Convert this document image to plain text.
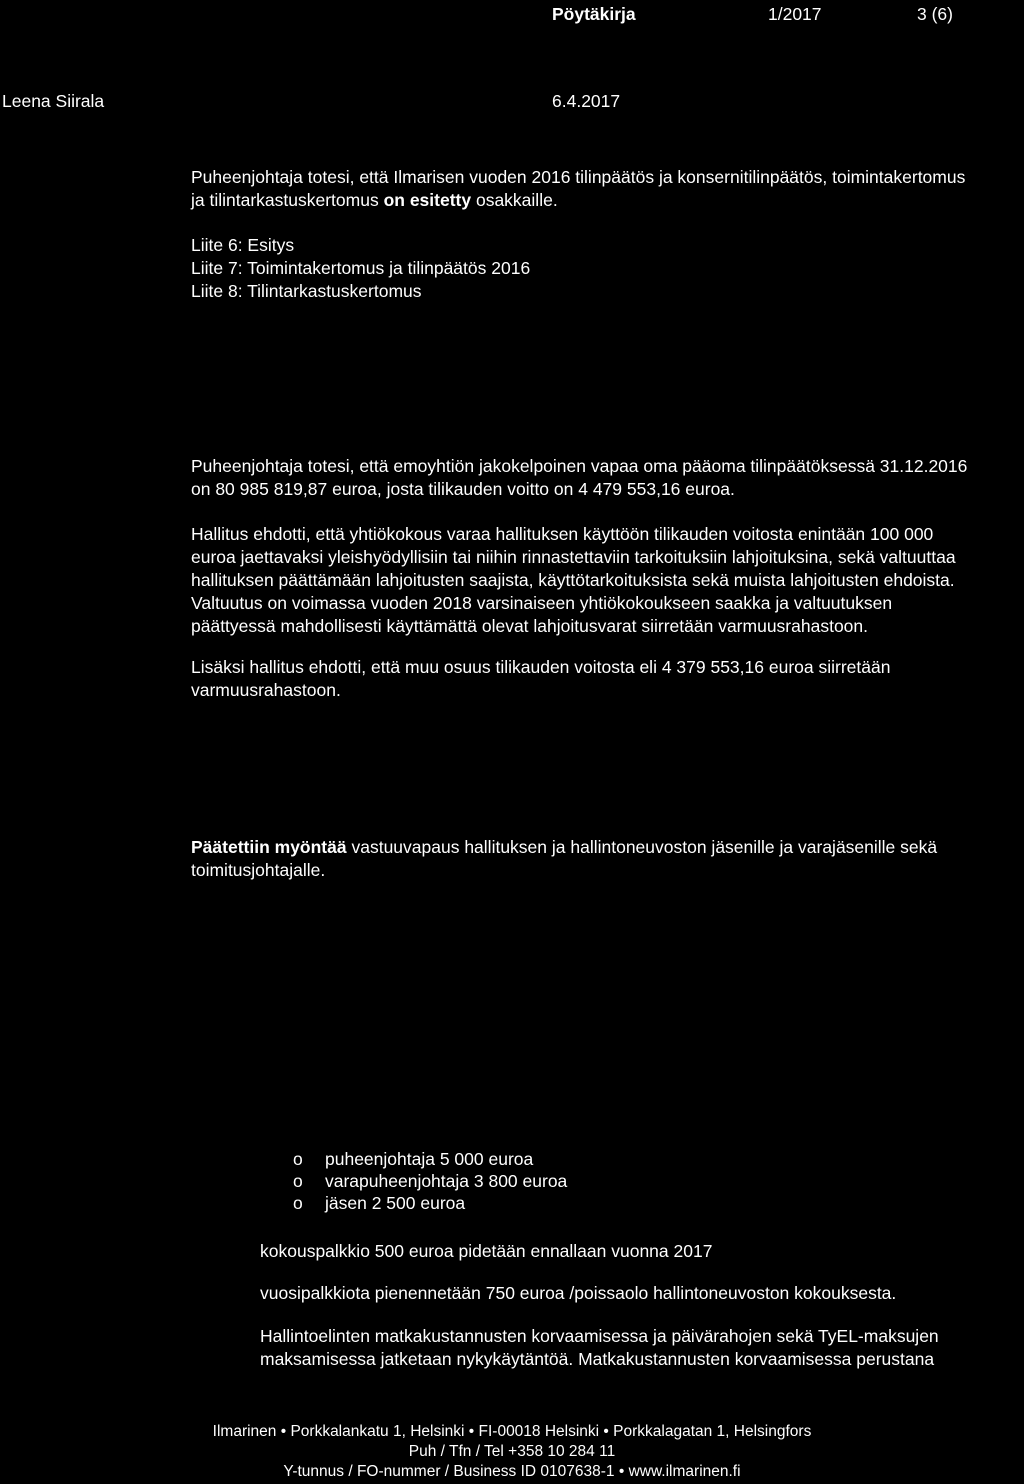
Pöytäkirja	1/2017	3 (6)
Leena Siirala	6.4.2017
Puheenjohtaja totesi, että Ilmarisen vuoden 2016 tilinpäätös ja konsernitilinpäätös, toimintakertomus
ja tilintarkastuskertomus on esitetty osakkaille.
Liite 6: Esitys
Liite 7: Toimintakertomus ja tilinpäätös 2016
Liite 8: Tilintarkastuskertomus
Puheenjohtaja totesi, että emoyhtiön jakokelpoinen vapaa oma pääoma tilinpäätöksessä 31.12.2016
on 80 985 819,87 euroa, josta tilikauden voitto on 4 479 553,16 euroa.
Hallitus ehdotti, että yhtiökokous varaa hallituksen käyttöön tilikauden voitosta enintään 100 000
euroa jaettavaksi yleishyödyllisiin tai niihin rinnastettaviin tarkoituksiin lahjoituksina, sekä valtuuttaa
hallituksen päättämään lahjoitusten saajista, käyttötarkoituksista sekä muista lahjoitusten ehdoista.
Valtuutus on voimassa vuoden 2018 varsinaiseen yhtiökokoukseen saakka ja valtuutuksen
päättyessä mahdollisesti käyttämättä olevat lahjoitusvarat siirretään varmuusrahastoon.
Lisäksi hallitus ehdotti, että muu osuus tilikauden voitosta eli 4 379 553,16 euroa siirretään
varmuusrahastoon.
Päätettiin myöntää vastuuvapaus hallituksen ja hallintoneuvoston jäsenille ja varajäsenille sekä
toimitusjohtajalle.
o puheenjohtaja 5 000 euroa
o varapuheenjohtaja 3 800 euroa
o jäsen 2 500 euroa
kokouspalkkio 500 euroa pidetään ennallaan vuonna 2017
vuosipalkkiota pienennetään 750 euroa /poissaolo hallintoneuvoston kokouksesta.
Hallintoelinten matkakustannusten korvaamisessa ja päivärahojen sekä TyEL-maksujen
maksamisessa jatketaan nykykäytäntöä. Matkakustannusten korvaamisessa perustana
Ilmarinen • Porkkalankatu 1, Helsinki • FI-00018 Helsinki • Porkkalagatan 1, Helsingfors
Puh / Tfn / Tel +358 10 284 11
Y-tunnus / FO-nummer / Business ID 0107638-1 • www.ilmarinen.fi
